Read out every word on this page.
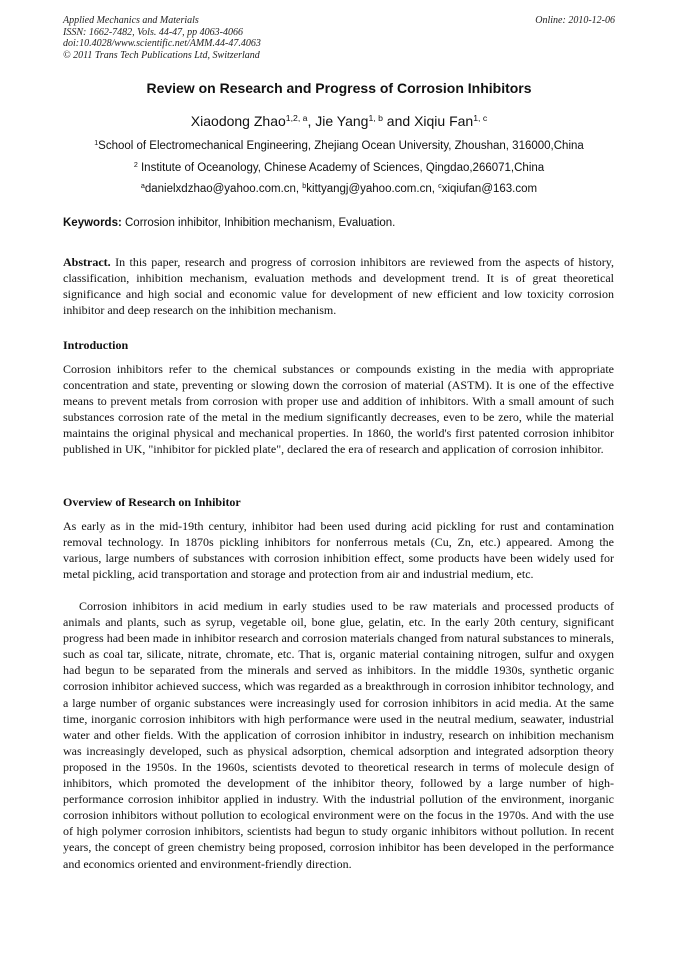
Applied Mechanics and Materials
ISSN: 1662-7482, Vols. 44-47, pp 4063-4066
doi:10.4028/www.scientific.net/AMM.44-47.4063
© 2011 Trans Tech Publications Ltd, Switzerland
Online: 2010-12-06
Review on Research and Progress of Corrosion Inhibitors
Xiaodong Zhao$^{1,2, a}$, Jie Yang$^{1, b}$ and Xiqiu Fan$^{1, c}$
$^1$School of Electromechanical Engineering, Zhejiang Ocean University, Zhoushan, 316000,China
$^2$ Institute of Oceanology, Chinese Academy of Sciences, Qingdao,266071,China
$^a$danielxdzhao@yahoo.com.cn, $^b$kittyangj@yahoo.com.cn, $^c$xiqiufan@163.com
Keywords: Corrosion inhibitor, Inhibition mechanism, Evaluation.
Abstract. In this paper, research and progress of corrosion inhibitors are reviewed from the aspects of history, classification, inhibition mechanism, evaluation methods and development trend. It is of great theoretical significance and high social and economic value for development of new efficient and low toxicity corrosion inhibitor and deep research on the inhibition mechanism.
Introduction
Corrosion inhibitors refer to the chemical substances or compounds existing in the media with appropriate concentration and state, preventing or slowing down the corrosion of material (ASTM). It is one of the effective means to prevent metals from corrosion with proper use and addition of inhibitors. With a small amount of such substances corrosion rate of the metal in the medium significantly decreases, even to be zero, while the material maintains the original physical and mechanical properties. In 1860, the world's first patented corrosion inhibitor published in UK, "inhibitor for pickled plate", declared the era of research and application of corrosion inhibitor.
Overview of Research on Inhibitor
As early as in the mid-19th century, inhibitor had been used during acid pickling for rust and contamination removal technology. In 1870s pickling inhibitors for nonferrous metals (Cu, Zn, etc.) appeared. Among the various, large numbers of substances with corrosion inhibition effect, some products have been widely used for metal pickling, acid transportation and storage and protection from air and industrial medium, etc.
Corrosion inhibitors in acid medium in early studies used to be raw materials and processed products of animals and plants, such as syrup, vegetable oil, bone glue, gelatin, etc. In the early 20th century, significant progress had been made in inhibitor research and corrosion materials changed from natural substances to minerals, such as coal tar, silicate, nitrate, chromate, etc. That is, organic material containing nitrogen, sulfur and oxygen had begun to be separated from the minerals and served as inhibitors. In the middle 1930s, synthetic organic corrosion inhibitor achieved success, which was regarded as a breakthrough in corrosion inhibitor technology, and a large number of organic substances were increasingly used for corrosion inhibitors in acid media. At the same time, inorganic corrosion inhibitors with high performance were used in the neutral medium, seawater, industrial water and other fields. With the application of corrosion inhibitor in industry, research on inhibition mechanism was increasingly developed, such as physical adsorption, chemical adsorption and integrated adsorption theory proposed in the 1950s. In the 1960s, scientists devoted to theoretical research in terms of molecule design of inhibitors, which promoted the development of the inhibitor theory, followed by a large number of high-performance corrosion inhibitor applied in industry. With the industrial pollution of the environment, inorganic corrosion inhibitors without pollution to ecological environment were on the focus in the 1970s. And with the use of high polymer corrosion inhibitors, scientists had begun to study organic inhibitors without pollution. In recent years, the concept of green chemistry being proposed, corrosion inhibitor has been developed in the performance and economics oriented and environment-friendly direction.
